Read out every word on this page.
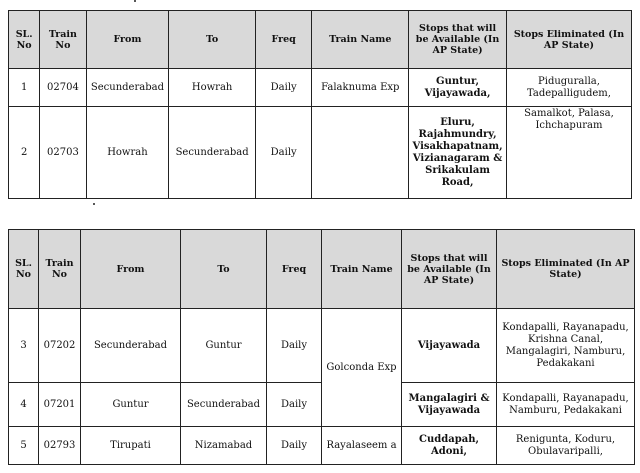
SL. No	Train No	From	To	Freq	Train Name	Stops that will be Available (In AP State)	Stops Eliminated (In AP State)
1	02704	Secunderabad	Howrah	Daily	Falaknuma Exp	Guntur, Vijayawada,	Piduguralla, Tadepalligudem,
2	02703	Howrah	Secunderabad	Daily		Eluru, Rajahmundry, Visakhapatnam, Vizianagaram & Srikakulam Road,	Samalkot, Palasa, Ichchapuram
SL. No	Train No	From	To	Freq	Train Name	Stops that will be Available (In AP State)	Stops Eliminated (In AP State)
3	07202	Secunderabad	Guntur	Daily	Golconda Exp	Vijayawada	Kondapalli, Rayanapadu, Krishna Canal, Mangalagiri, Namburu, Pedakakani
4	07201	Guntur	Secunderabad	Daily		Mangalagiri & Vijayawada	Kondapalli, Rayanapadu, Namburu, Pedakakani
5	02793	Tirupati	Nizamabad	Daily	Rayalaseem a	Cuddapah, Adoni,	Renigunta, Koduru, Obulavaripalli,
